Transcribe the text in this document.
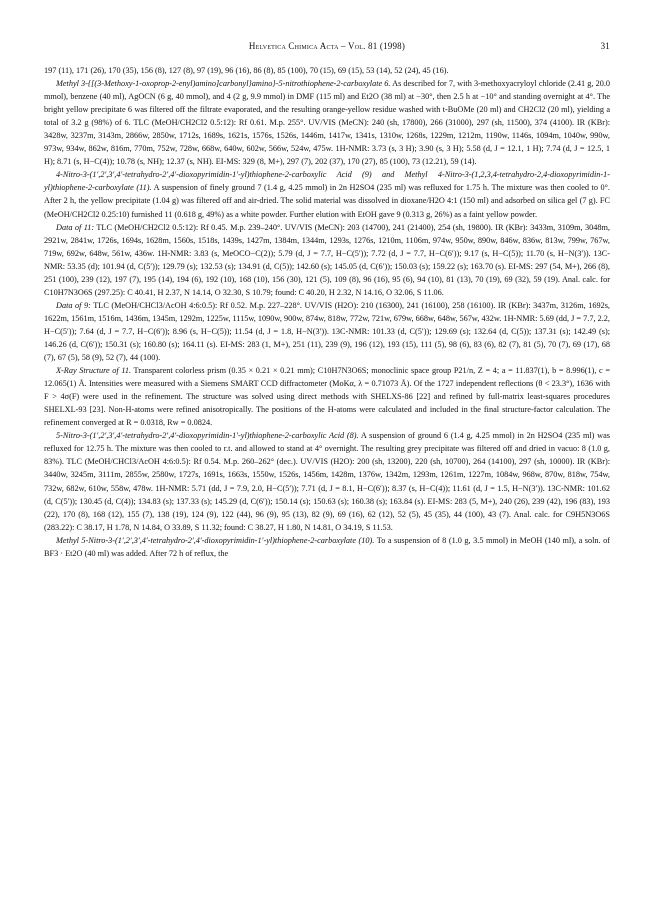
Helvetica Chimica Acta – Vol. 81 (1998)	31

197 (11), 171 (26), 170 (35), 156 (8), 127 (8), 97 (19), 96 (16), 86 (8), 85 (100), 70 (15), 69 (15), 53 (14), 52 (24), 45 (16).

Methyl 3-{[(3-Methoxy-1-oxoprop-2-enyl)amino]carbonyl}amino}-5-nitrothiophene-2-carboxylate 6. As described for 7, with 3-methoxyacryloyl chloride (2.41 g, 20.0 mmol), benzene (40 ml), AgOCN (6 g, 40 mmol), and 4 (2 g, 9.9 mmol) in DMF (115 ml) and Et2O (38 ml) at −30°, then 2.5 h at −10° and standing overnight at 4°. The bright yellow precipitate 6 was filtered off the filtrate evaporated, and the resulting orange-yellow residue washed with t-BuOMe (20 ml) and CH2Cl2 (20 ml), yielding a total of 3.2 g (98%) of 6. TLC (MeOH/CH2Cl2 0.5:12): Rf 0.61. M.p. 255°. UV/VIS (MeCN): 240 (sh, 17800), 266 (31000), 297 (sh, 11500), 374 (4100). IR (KBr): 3428w, 3237m, 3143m, 2866w, 2850w, 1712s, 1689s, 1621s, 1576s, 1526s, 1446m, 1417w, 1341s, 1310w, 1268s, 1229m, 1212m, 1190w, 1146s, 1094m, 1040w, 990w, 973w, 934w, 862w, 816m, 770m, 752w, 728w, 668w, 640w, 602w, 566w, 524w, 475w. 1H-NMR: 3.73 (s, 3 H); 3.90 (s, 3 H); 5.58 (d, J = 12.1, 1 H); 7.74 (d, J = 12.5, 1 H); 8.71 (s, H−C(4)); 10.78 (s, NH); 12.37 (s, NH). EI-MS: 329 (8, M+), 297 (7), 202 (37), 170 (27), 85 (100), 73 (12.21), 59 (14).

4-Nitro-3-(1′,2′,3′,4′-tetrahydro-2′,4′-dioxopyrimidin-1′-yl)thiophene-2-carboxylic Acid (9) and Methyl 4-Nitro-3-(1,2,3,4-tetrahydro-2,4-dioxopyrimidin-1-yl)thiophene-2-carboxylate (11). A suspension of finely ground 7 (1.4 g, 4.25 mmol) in 2n H2SO4 (235 ml) was refluxed for 1.75 h. The mixture was then cooled to 0°. After 2 h, the yellow precipitate (1.04 g) was filtered off and air-dried. The solid material was dissolved in dioxane/H2O 4:1 (150 ml) and adsorbed on silica gel (7 g). FC (MeOH/CH2Cl2 0.25:10) furnished 11 (0.618 g, 49%) as a white powder. Further elution with EtOH gave 9 (0.313 g, 26%) as a faint yellow powder.

Data of 11: TLC (MeOH/CH2Cl2 0.5:12): Rf 0.45. M.p. 239–240°. UV/VIS (MeCN): 203 (14700), 241 (21400), 254 (sh, 19800). IR (KBr): 3433m, 3109m, 3048m, 2921w, 2841w, 1726s, 1694s, 1628m, 1560s, 1518s, 1439s, 1427m, 1384m, 1344m, 1293s, 1276s, 1210m, 1106m, 974w, 950w, 890w, 846w, 836w, 813w, 799w, 767w, 719w, 692w, 648w, 561w, 436w. 1H-NMR: 3.83 (s, MeOCO−C(2)); 5.79 (d, J = 7.7, H−C(5′)); 7.72 (d, J = 7.7, H−C(6′)); 9.17 (s, H−C(5)); 11.70 (s, H−N(3′)). 13C-NMR: 53.35 (d); 101.94 (d, C(5′)); 129.79 (s); 132.53 (s); 134.91 (d, C(5)); 142.60 (s); 145.05 (d, C(6′)); 150.03 (s); 159.22 (s); 163.70 (s). EI-MS: 297 (54, M+), 266 (8), 251 (100), 239 (12), 197 (7), 195 (14), 194 (6), 192 (10), 168 (10), 156 (30), 121 (5), 109 (8), 96 (16), 95 (6), 94 (10), 81 (13), 70 (19), 69 (32), 59 (19). Anal. calc. for C10H7N3O6S (297.25): C 40.41, H 2.37, N 14.14, O 32.30, S 10.79; found: C 40.20, H 2.32, N 14.16, O 32.06, S 11.06.

Data of 9: TLC (MeOH/CHCl3/AcOH 4:6:0.5): Rf 0.52. M.p. 227–228°. UV/VIS (H2O): 210 (16300), 241 (16100), 258 (16100). IR (KBr): 3437m, 3126m, 1692s, 1622m, 1561m, 1516m, 1436m, 1345m, 1292m, 1225w, 1115w, 1090w, 900w, 874w, 818w, 772w, 721w, 679w, 668w, 648w, 567w, 432w. 1H-NMR: 5.69 (dd, J = 7.7, 2.2, H−C(5′)); 7.64 (d, J = 7.7, H−C(6′)); 8.96 (s, H−C(5)); 11.54 (d, J = 1.8, H−N(3′)). 13C-NMR: 101.33 (d, C(5′)); 129.69 (s); 132.64 (d, C(5)); 137.31 (s); 142.49 (s); 146.26 (d, C(6′)); 150.31 (s); 160.80 (s); 164.11 (s). EI-MS: 283 (1, M+), 251 (11), 239 (9), 196 (12), 193 (15), 111 (5), 98 (6), 83 (6), 82 (7), 81 (5), 70 (7), 69 (17), 68 (7), 67 (5), 58 (9), 52 (7), 44 (100).

X-Ray Structure of 11. Transparent colorless prism (0.35 × 0.21 × 0.21 mm); C10H7N3O6S; monoclinic space group P21/n, Z = 4; a = 11.837(1), b = 8.996(1), c = 12.065(1) Å. Intensities were measured with a Siemens SMART CCD diffractometer (MoKα, λ = 0.71073 Å). Of the 1727 independent reflections (θ < 23.3°), 1636 with F > 4σ(F) were used in the refinement. The structure was solved using direct methods with SHELXS-86 [22] and refined by full-matrix least-squares procedures SHELXL-93 [23]. Non-H-atoms were refined anisotropically. The positions of the H-atoms were calculated and included in the final structure-factor calculation. The refinement converged at R = 0.0318, Rw = 0.0824.

5-Nitro-3-(1′,2′,3′,4′-tetrahydro-2′,4′-dioxopyrimidin-1′-yl)thiophene-2-carboxylic Acid (8). A suspension of ground 6 (1.4 g, 4.25 mmol) in 2n H2SO4 (235 ml) was refluxed for 12.75 h. The mixture was then cooled to r.t. and allowed to stand at 4° overnight. The resulting grey precipitate was filtered off and dried in vacuo: 8 (1.0 g, 83%). TLC (MeOH/CHCl3/AcOH 4:6:0.5): Rf 0.54. M.p. 260–262° (dec.). UV/VIS (H2O): 200 (sh, 13200), 220 (sh, 10700), 264 (14100), 297 (sh, 10000). IR (KBr): 3440w, 3245m, 3111m, 2855w, 2580w, 1727s, 1691s, 1663s, 1550w, 1526s, 1456m, 1428m, 1376w, 1342m, 1293m, 1261m, 1227m, 1084w, 968w, 870w, 818w, 754w, 732w, 682w, 610w, 558w, 478w. 1H-NMR: 5.71 (dd, J = 7.9, 2.0, H−C(5′)); 7.71 (d, J = 8.1, H−C(6′)); 8.37 (s, H−C(4)); 11.61 (d, J = 1.5, H−N(3′)). 13C-NMR: 101.62 (d, C(5′)); 130.45 (d, C(4)); 134.83 (s); 137.33 (s); 145.29 (d, C(6′)); 150.14 (s); 150.63 (s); 160.38 (s); 163.84 (s). EI-MS: 283 (5, M+), 240 (26), 239 (42), 196 (83), 193 (22), 170 (8), 168 (12), 155 (7), 138 (19), 124 (9), 122 (44), 96 (9), 95 (13), 82 (9), 69 (16), 62 (12), 52 (5), 45 (35), 44 (100), 43 (7). Anal. calc. for C9H5N3O6S (283.22): C 38.17, H 1.78, N 14.84, O 33.89, S 11.32; found: C 38.27, H 1.80, N 14.81, O 34.19, S 11.53.

Methyl 5-Nitro-3-(1′,2′,3′,4′-tetrahydro-2′,4′-dioxopyrimidin-1′-yl)thiophene-2-carboxylate (10). To a suspension of 8 (1.0 g, 3.5 mmol) in MeOH (140 ml), a soln. of BF3 · Et2O (40 ml) was added. After 72 h of reflux, the
